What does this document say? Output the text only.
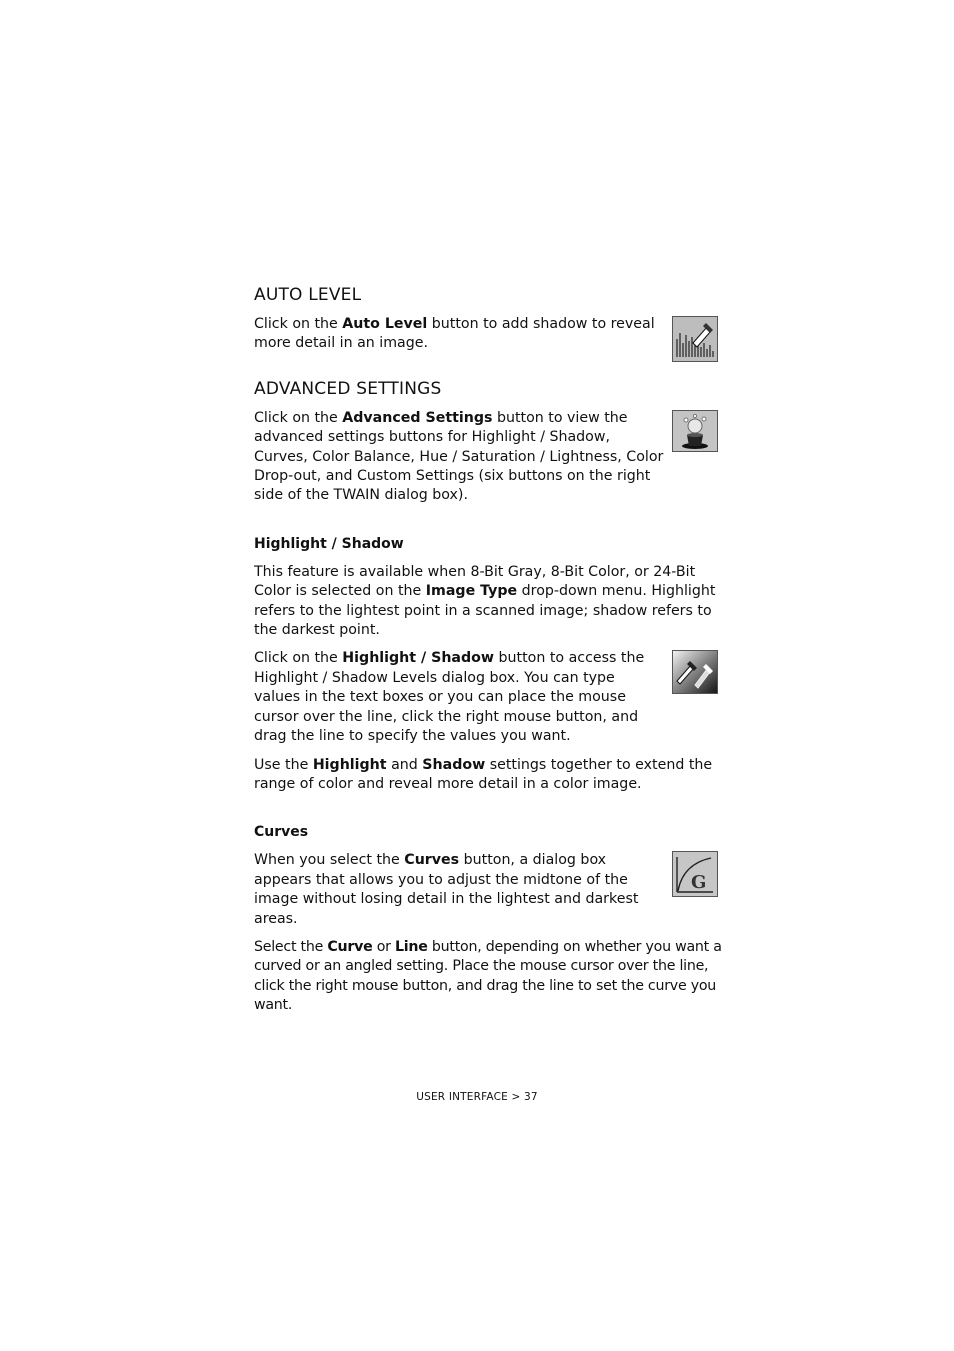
AUTO LEVEL

Click on the Auto Level button to add shadow to reveal more detail in an image.

ADVANCED SETTINGS

Click on the Advanced Settings button to view the advanced settings buttons for Highlight / Shadow, Curves, Color Balance, Hue / Saturation / Lightness, Color Drop-out, and Custom Settings (six buttons on the right side of the TWAIN dialog box).

Highlight / Shadow

This feature is available when 8-Bit Gray, 8-Bit Color, or 24-Bit Color is selected on the Image Type drop-down menu. Highlight refers to the lightest point in a scanned image; shadow refers to the darkest point.

Click on the Highlight / Shadow button to access the Highlight / Shadow Levels dialog box. You can type values in the text boxes or you can place the mouse cursor over the line, click the right mouse button, and drag the line to specify the values you want.

Use the Highlight and Shadow settings together to extend the range of color and reveal more detail in a color image.

Curves

When you select the Curves button, a dialog box appears that allows you to adjust the midtone of the image without losing detail in the lightest and darkest areas.

G

Select the Curve or Line button, depending on whether you want a curved or an angled setting. Place the mouse cursor over the line, click the right mouse button, and drag the line to set the curve you want.

USER INTERFACE > 37
